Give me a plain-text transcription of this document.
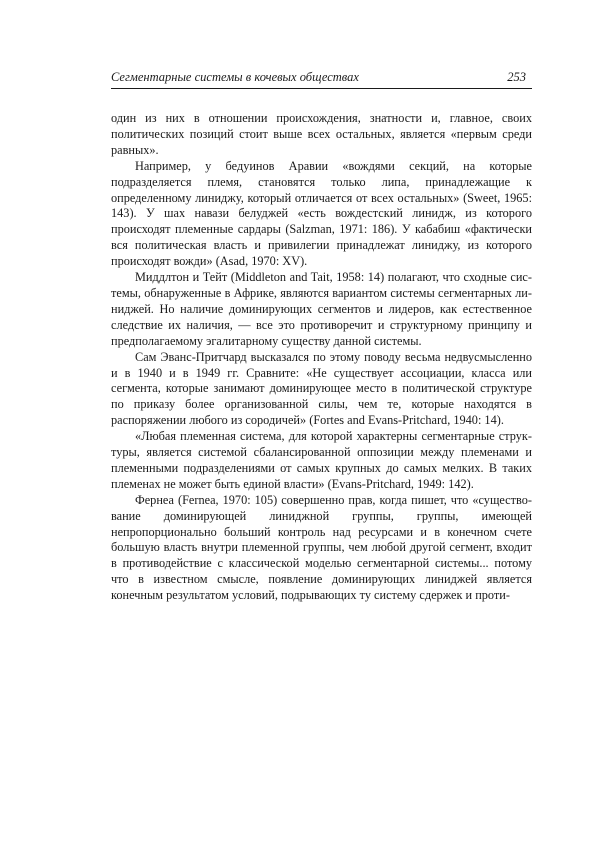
Сегментарные системы в кочевых обществах	253

один из них в отношении происхождения, знатности и, главное, своих политических позиций стоит выше всех остальных, является «первым среди равных».

Например, у бедуинов Аравии «вождями секций, на которые подразделяется племя, становятся только липа, принадлежащие к определенному линиджу, который отличается от всех остальных» (Sweet, 1965: 143). У шах навази белуджей «есть вождестский линидж, из которого происходят племенные сардары (Salzman, 1971: 186). У кабабиш «фактически вся политическая власть и привилегии принадлежат линиджу, из которого происходят вожди» (Asad, 1970: XV).

Миддлтон и Тейт (Middleton and Tait, 1958: 14) полагают, что сходные системы, обнаруженные в Африке, являются вариантом системы сегментарных линиджей. Но наличие доминирующих сегментов и лидеров, как естественное следствие их наличия, — все это противоречит и структурному принципу и предполагаемому эгалитарному существу данной системы.

Сам Эванс-Притчард высказался по этому поводу весьма недвусмысленно и в 1940 и в 1949 гг. Сравните: «Не существует ассоциации, класса или сегмента, которые занимают доминирующее место в политической структуре по приказу более организованной силы, чем те, которые находятся в распоряжении любого из сородичей» (Fortes and Evans-Pritchard, 1940: 14).

«Любая племенная система, для которой характерны сегментарные структуры, является системой сбалансированной оппозиции между племенами и племенными подразделениями от самых крупных до самых мелких. В таких племенах не может быть единой власти» (Evans-Pritchard, 1949: 142).

Фернеа (Fernea, 1970: 105) совершенно прав, когда пишет, что «существование доминирующей линиджной группы, группы, имеющей непропорционально больший контроль над ресурсами и в конечном счете большую власть внутри племенной группы, чем любой другой сегмент, входит в противодействие с классической моделью сегментарной системы... потому что в известном смысле, появление доминирующих линиджей является конечным результатом условий, подрывающих ту систему сдержек и проти-
